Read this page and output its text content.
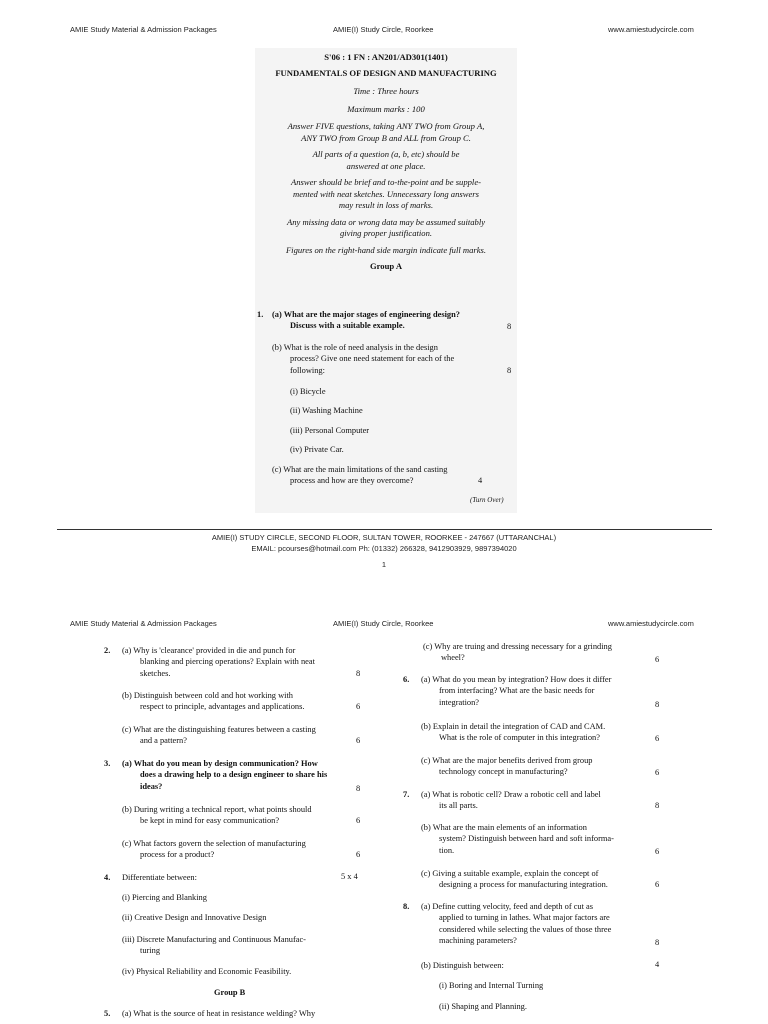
AMIE Study Material & Admission Packages	AMIE(I) Study Circle, Roorkee	www.amiestudycircle.com
S'06 : 1 FN : AN201/AD301(1401)
FUNDAMENTALS OF DESIGN AND MANUFACTURING
Time : Three hours
Maximum marks : 100
Answer FIVE questions, taking ANY TWO from Group A,
ANY TWO from Group B and ALL from Group C.
All parts of a question (a, b, etc) should be
answered at one place.
Answer should be brief and to-the-point and be supple-
mented with neat sketches. Unnecessary long answers
may result in loss of marks.
Any missing data or wrong data may be assumed suitably
giving proper justification.
Figures on the right-hand side margin indicate full marks.
Group A
1. (a) What are the major stages of engineering design?
Discuss with a suitable example.	8
(b) What is the role of need analysis in the design
process? Give one need statement for each of the
following:	8
(i) Bicycle
(ii) Washing Machine
(iii) Personal Computer
(iv) Private Car.
(c) What are the main limitations of the sand casting
process and how are they overcome?	4
(Turn Over)
AMIE(I) STUDY CIRCLE, SECOND FLOOR, SULTAN TOWER, ROORKEE - 247667 (UTTARANCHAL)
EMAIL: pcourses@hotmail.com Ph: (01332) 266328, 9412903929, 9897394020
1
AMIE Study Material & Admission Packages	AMIE(I) Study Circle, Roorkee	www.amiestudycircle.com
2. (a) Why is 'clearance' provided in die and punch for
blanking and piercing operations? Explain with neat
sketches.	8
(b) Distinguish between cold and hot working with
respect to principle, advantages and applications.	6
(c) What are the distinguishing features between a casting
and a pattern?	6
3. (a) What do you mean by design communication? How
does a drawing help to a design engineer to share his
ideas?	8
(b) During writing a technical report, what points should
be kept in mind for easy communication?	6
(c) What factors govern the selection of manufacturing
process for a product?	6
4. Differentiate between:	5 x 4
(i) Piercing and Blanking
(ii) Creative Design and Innovative Design
(iii) Discrete Manufacturing and Continuous Manufac-
turing
(iv) Physical Reliability and Economic Feasibility.
Group B
5. (a) What is the source of heat in resistance welding? Why
(c) Why are truing and dressing necessary for a grinding
wheel?	6
6. (a) What do you mean by integration? How does it differ
from interfacing? What are the basic needs for
integration?	8
(b) Explain in detail the integration of CAD and CAM.
What is the role of computer in this integration?	6
(c) What are the major benefits derived from group
technology concept in manufacturing?	6
7. (a) What is robotic cell? Draw a robotic cell and label
its all parts.	8
(b) What are the main elements of an information
system? Distinguish between hard and soft informa-
tion.	6
(c) Giving a suitable example, explain the concept of
designing a process for manufacturing integration.	6
8. (a) Define cutting velocity, feed and depth of cut as
applied to turning in lathes. What major factors are
considered while selecting the values of those three
machining parameters?	8
(b) Distinguish between:	4
(i) Boring and Internal Turning
(ii) Shaping and Planning.
